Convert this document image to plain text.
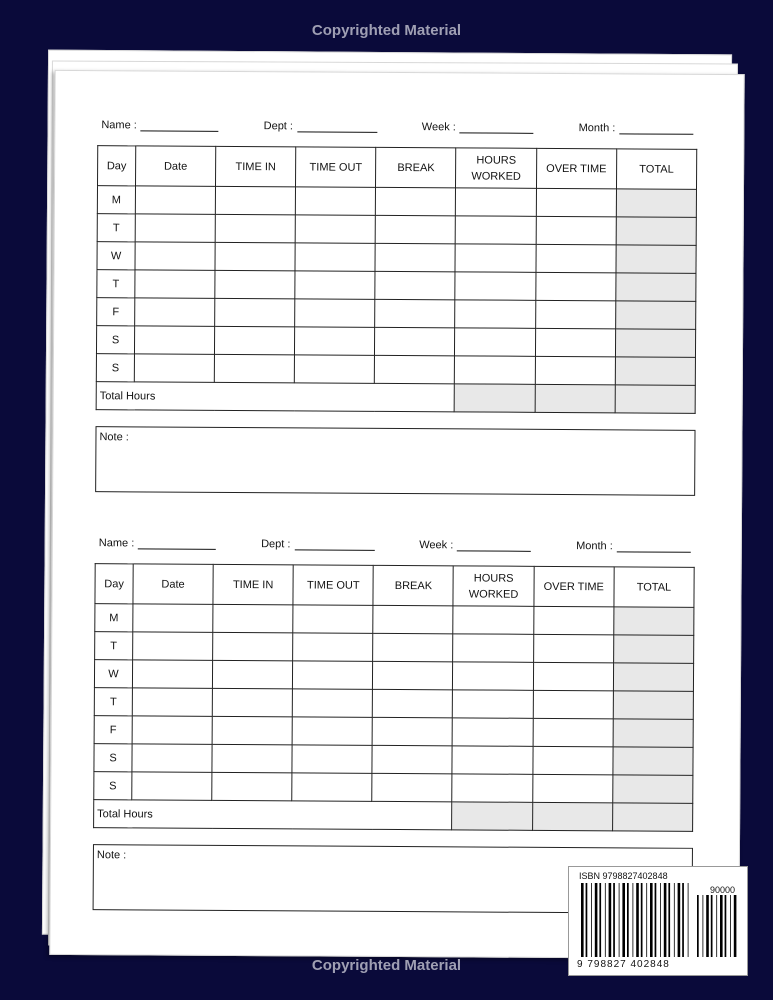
Copyrighted Material
Name :	Dept :	Week :	Month :
Day	Date	TIME IN	TIME OUT	BREAK	HOURS WORKED	OVER TIME	TOTAL
M							
T							
W							
T							
F							
S							
S							
Total Hours							
Note :
Name :	Dept :	Week :	Month :
Day	Date	TIME IN	TIME OUT	BREAK	HOURS WORKED	OVER TIME	TOTAL
M							
T							
W							
T							
F							
S							
S							
Total Hours							
Note :
Copyrighted Material
ISBN 9798827402848
90000
9 798827 402848
